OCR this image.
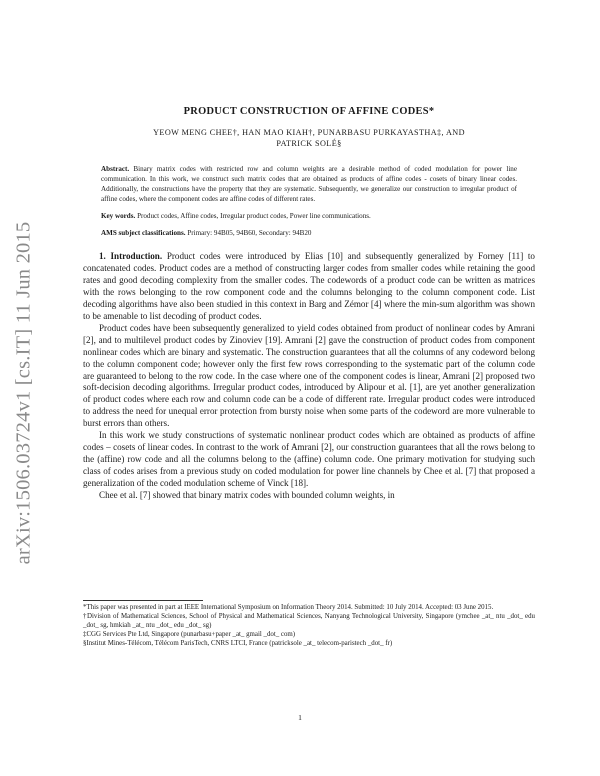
arXiv:1506.03724v1 [cs.IT] 11 Jun 2015
PRODUCT CONSTRUCTION OF AFFINE CODES*
YEOW MENG CHEE†, HAN MAO KIAH†, PUNARBASU PURKAYASTHA‡, AND
PATRICK SOLÉ§
Abstract. Binary matrix codes with restricted row and column weights are a desirable method of coded modulation for power line communication. In this work, we construct such matrix codes that are obtained as products of affine codes - cosets of binary linear codes. Additionally, the constructions have the property that they are systematic. Subsequently, we generalize our construction to irregular product of affine codes, where the component codes are affine codes of different rates.
Key words. Product codes, Affine codes, Irregular product codes, Power line communications.
AMS subject classifications. Primary: 94B05, 94B60, Secondary: 94B20

1. Introduction. Product codes were introduced by Elias [10] and subsequently generalized by Forney [11] to concatenated codes. Product codes are a method of constructing larger codes from smaller codes while retaining the good rates and good decoding complexity from the smaller codes. The codewords of a product code can be written as matrices with the rows belonging to the row component code and the columns belonging to the column component code. List decoding algorithms have also been studied in this context in Barg and Zémor [4] where the min-sum algorithm was shown to be amenable to list decoding of product codes.

Product codes have been subsequently generalized to yield codes obtained from product of nonlinear codes by Amrani [2], and to multilevel product codes by Zinoviev [19]. Amrani [2] gave the construction of product codes from component nonlinear codes which are binary and systematic. The construction guarantees that all the columns of any codeword belong to the column component code; however only the first few rows corresponding to the systematic part of the column code are guaranteed to belong to the row code. In the case where one of the component codes is linear, Amrani [2] proposed two soft-decision decoding algorithms. Irregular product codes, introduced by Alipour et al. [1], are yet another generalization of product codes where each row and column code can be a code of different rate. Irregular product codes were introduced to address the need for unequal error protection from bursty noise when some parts of the codeword are more vulnerable to burst errors than others.

In this work we study constructions of systematic nonlinear product codes which are obtained as products of affine codes – cosets of linear codes. In contrast to the work of Amrani [2], our construction guarantees that all the rows belong to the (affine) row code and all the columns belong to the (affine) column code. One primary motivation for studying such class of codes arises from a previous study on coded modulation for power line channels by Chee et al. [7] that proposed a generalization of the coded modulation scheme of Vinck [18].

Chee et al. [7] showed that binary matrix codes with bounded column weights, in

*This paper was presented in part at IEEE International Symposium on Information Theory 2014. Submitted: 10 July 2014. Accepted: 03 June 2015.

†Division of Mathematical Sciences, School of Physical and Mathematical Sciences, Nanyang Technological University, Singapore (ymchee _at_ ntu _dot_ edu _dot_ sg, hmkiah _at_ ntu _dot_ edu _dot_ sg)

‡CGG Services Pte Ltd, Singapore (punarbasu+paper _at_ gmail _dot_ com)

§Institut Mines-Télécom, Télécom ParisTech, CNRS LTCI, France (patricksole _at_ telecom-paristech _dot_ fr)

1
